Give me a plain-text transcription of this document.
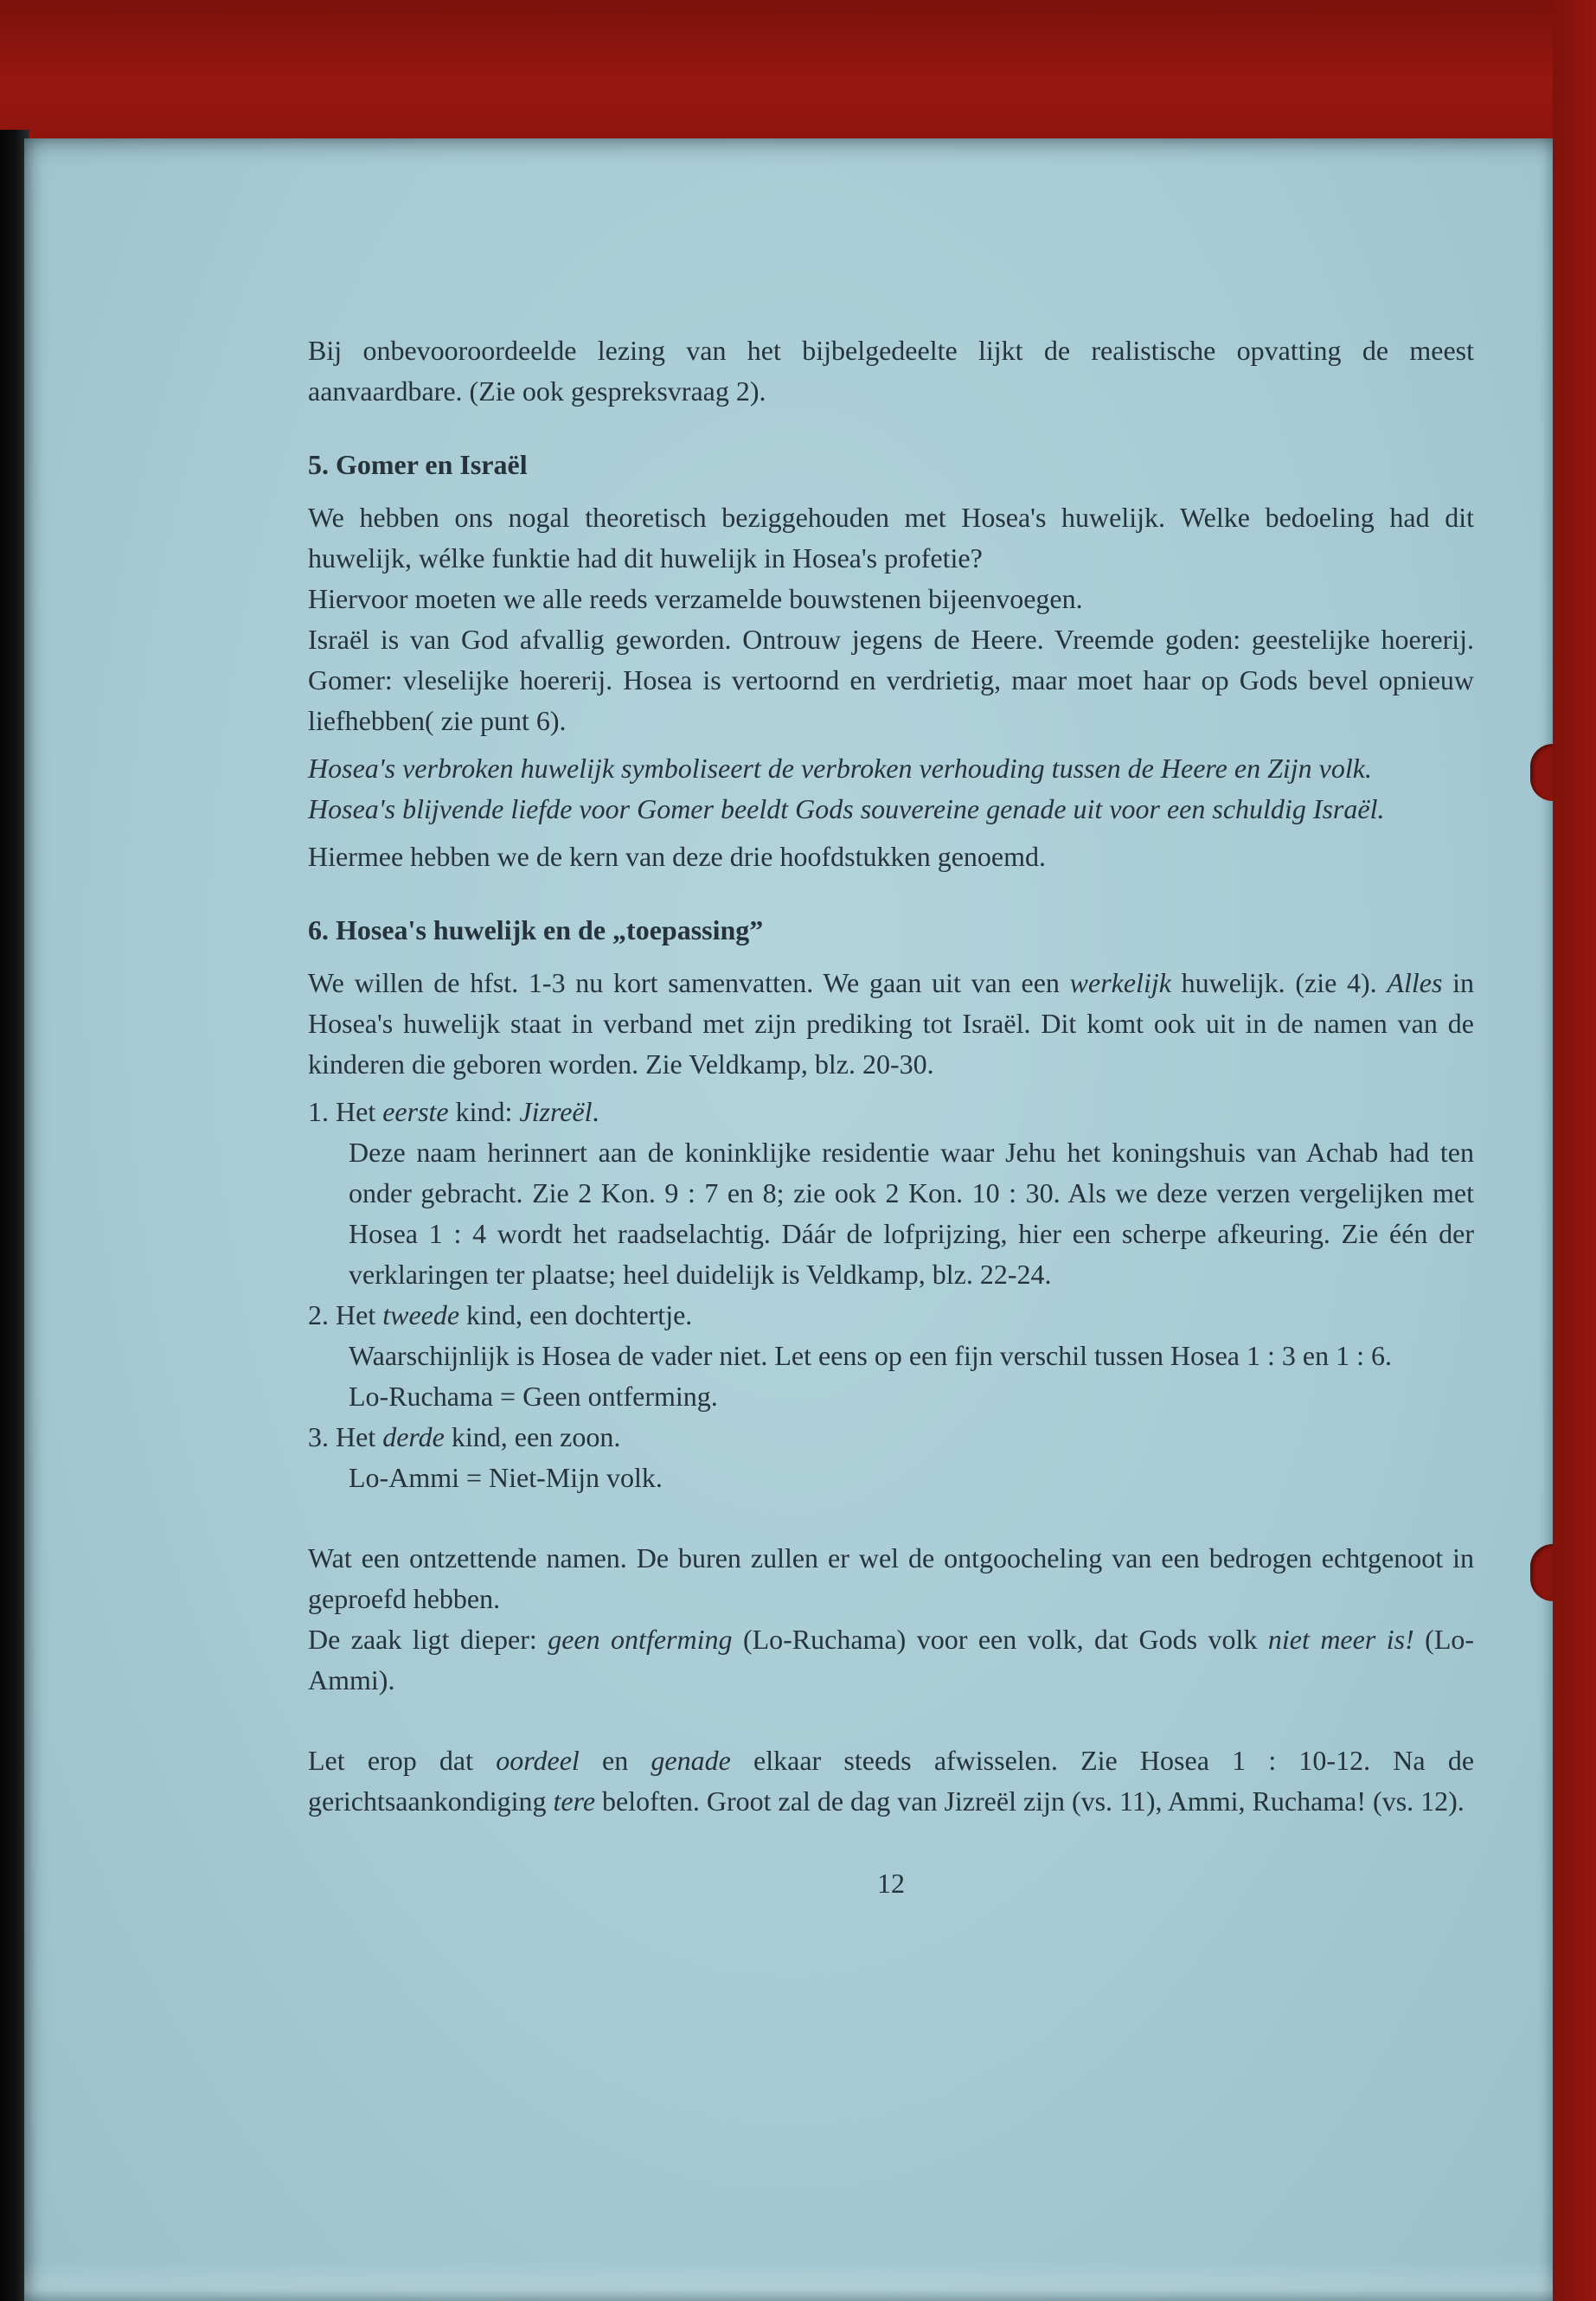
Bij onbevooroordeelde lezing van het bijbelgedeelte lijkt de realistische opvatting de meest aanvaardbare. (Zie ook gespreksvraag 2).

5. Gomer en Israël

We hebben ons nogal theoretisch beziggehouden met Hosea's huwelijk. Welke bedoeling had dit huwelijk, wélke funktie had dit huwelijk in Hosea's profetie?

Hiervoor moeten we alle reeds verzamelde bouwstenen bijeenvoegen.

Israël is van God afvallig geworden. Ontrouw jegens de Heere. Vreemde goden: geestelijke hoererij. Gomer: vleselijke hoererij. Hosea is vertoornd en verdrietig, maar moet haar op Gods bevel opnieuw liefhebben( zie punt 6).

Hosea's verbroken huwelijk symboliseert de verbroken verhouding tussen de Heere en Zijn volk.

Hosea's blijvende liefde voor Gomer beeldt Gods souvereine genade uit voor een schuldig Israël.

Hiermee hebben we de kern van deze drie hoofdstukken genoemd.

6. Hosea's huwelijk en de „toepassing”

We willen de hfst. 1-3 nu kort samenvatten. We gaan uit van een werkelijk huwelijk. (zie 4). Alles in Hosea's huwelijk staat in verband met zijn prediking tot Israël. Dit komt ook uit in de namen van de kinderen die geboren worden. Zie Veldkamp, blz. 20-30.

1. Het eerste kind: Jizreël.

Deze naam herinnert aan de koninklijke residentie waar Jehu het koningshuis van Achab had ten onder gebracht. Zie 2 Kon. 9 : 7 en 8; zie ook 2 Kon. 10 : 30. Als we deze verzen vergelijken met Hosea 1 : 4 wordt het raadselachtig. Dáár de lofprijzing, hier een scherpe afkeuring. Zie één der verklaringen ter plaatse; heel duidelijk is Veldkamp, blz. 22-24.

2. Het tweede kind, een dochtertje.

Waarschijnlijk is Hosea de vader niet. Let eens op een fijn verschil tussen Hosea 1 : 3 en 1 : 6.

Lo-Ruchama = Geen ontferming.

3. Het derde kind, een zoon.

Lo-Ammi = Niet-Mijn volk.

Wat een ontzettende namen. De buren zullen er wel de ontgoocheling van een bedrogen echtgenoot in geproefd hebben.

De zaak ligt dieper: geen ontferming (Lo-Ruchama) voor een volk, dat Gods volk niet meer is! (Lo-Ammi).

Let erop dat oordeel en genade elkaar steeds afwisselen. Zie Hosea 1 : 10-12. Na de gerichtsaankondiging tere beloften. Groot zal de dag van Jizreël zijn (vs. 11), Ammi, Ruchama! (vs. 12).

12
